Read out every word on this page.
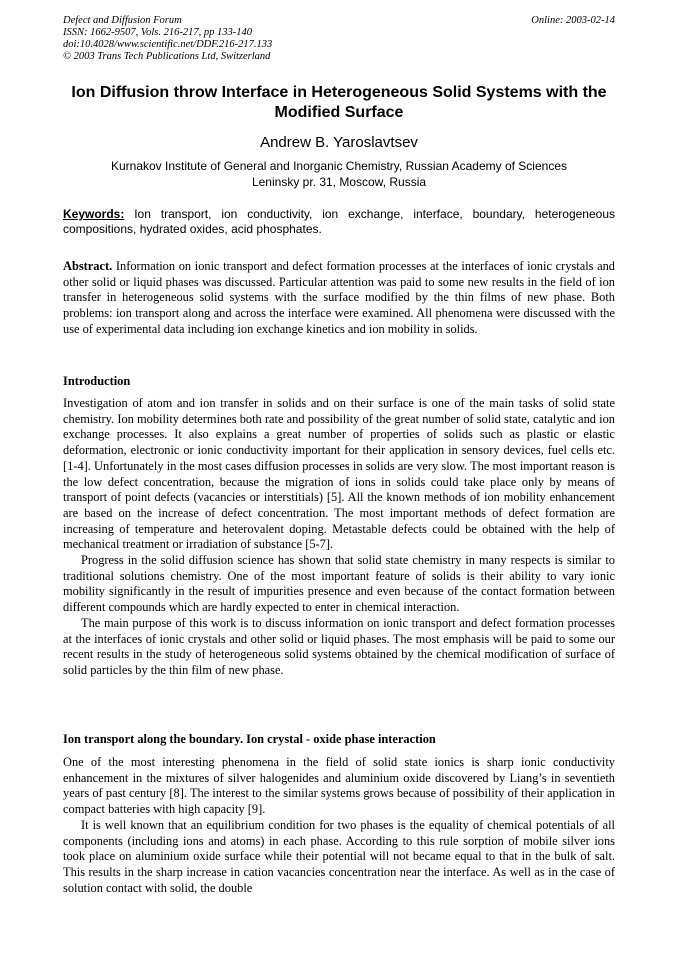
Defect and Diffusion Forum
ISSN: 1662-9507, Vols. 216-217, pp 133-140
doi:10.4028/www.scientific.net/DDF.216-217.133
© 2003 Trans Tech Publications Ltd, Switzerland
Online: 2003-02-14
Ion Diffusion throw Interface in Heterogeneous Solid Systems with the Modified Surface
Andrew B. Yaroslavtsev
Kurnakov Institute of General and Inorganic Chemistry, Russian Academy of Sciences
Leninsky pr. 31, Moscow, Russia
Keywords: Ion transport, ion conductivity, ion exchange, interface, boundary, heterogeneous compositions, hydrated oxides, acid phosphates.

Abstract. Information on ionic transport and defect formation processes at the interfaces of ionic crystals and other solid or liquid phases was discussed. Particular attention was paid to some new results in the field of ion transfer in heterogeneous solid systems with the surface modified by the thin films of new phase. Both problems: ion transport along and across the interface were examined. All phenomena were discussed with the use of experimental data including ion exchange kinetics and ion mobility in solids.

Introduction

Investigation of atom and ion transfer in solids and on their surface is one of the main tasks of solid state chemistry. Ion mobility determines both rate and possibility of the great number of solid state, catalytic and ion exchange processes. It also explains a great number of properties of solids such as plastic or elastic deformation, electronic or ionic conductivity important for their application in sensory devices, fuel cells etc. [1-4]. Unfortunately in the most cases diffusion processes in solids are very slow. The most important reason is the low defect concentration, because the migration of ions in solids could take place only by means of transport of point defects (vacancies or interstitials) [5]. All the known methods of ion mobility enhancement are based on the increase of defect concentration. The most important methods of defect formation are increasing of temperature and heterovalent doping. Metastable defects could be obtained with the help of mechanical treatment or irradiation of substance [5-7].

Progress in the solid diffusion science has shown that solid state chemistry in many respects is similar to traditional solutions chemistry. One of the most important feature of solids is their ability to vary ionic mobility significantly in the result of impurities presence and even because of the contact formation between different compounds which are hardly expected to enter in chemical interaction.

The main purpose of this work is to discuss information on ionic transport and defect formation processes at the interfaces of ionic crystals and other solid or liquid phases. The most emphasis will be paid to some our recent results in the study of heterogeneous solid systems obtained by the chemical modification of surface of solid particles by the thin film of new phase.

Ion transport along the boundary. Ion crystal - oxide phase interaction

One of the most interesting phenomena in the field of solid state ionics is sharp ionic conductivity enhancement in the mixtures of silver halogenides and aluminium oxide discovered by Liang’s in seventieth years of past century [8]. The interest to the similar systems grows because of possibility of their application in compact batteries with high capacity [9].

It is well known that an equilibrium condition for two phases is the equality of chemical potentials of all components (including ions and atoms) in each phase. According to this rule sorption of mobile silver ions took place on aluminium oxide surface while their potential will not became equal to that in the bulk of salt. This results in the sharp increase in cation vacancies concentration near the interface. As well as in the case of solution contact with solid, the double
